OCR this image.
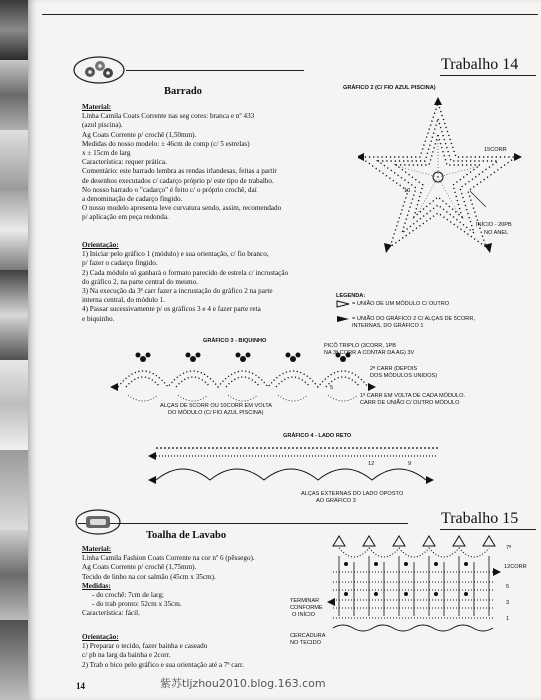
Trabalho 14
Barrado
Material:
Linha Camila Coats Corrente nas seg cores: branca e nº 433
(azul piscina).
Ag Coats Corrente p/ crochê (1,50mm).
Medidas do nosso modelo: ± 46cm de comp (c/ 5 estrelas)
x ± 15cm de larg
Característica: requer prática.
Comentário: este barrado lembra as rendas irlandesas, feitas a partir
de desenhos executados c/ cadarço próprio p/ este tipo de trabalho.
No nosso barrado o "cadarço" é feito c/ o próprio crochê, daí
a denominação de cadarço fingido.
O nosso modelo apresenta leve curvatura sendo, assim, recomendado
p/ aplicação em peça redonda.
Orientação:
1) Iniciar pelo gráfico 1 (módulo) e sua orientação, c/ fio branco,
p/ fazer o cadarço fingido.
2) Cada módulo só ganhará o formato parecido de estrela c/ incrustação
do gráfico 2, na parte central do mesmo.
3) Na execução da 3ª carr fazer a incrustação do gráfico 2 na parte
interna central, do módulo 1.
4) Passar sucessivamente p/ os gráficos 3 e 4 e fazer parte reta
e biquinho.
GRÁFICO 2 (C/ FIO AZUL PISCINA)
10
15CORR
INÍCIO - 20PB
NO ANEL
LEGENDA:
= UNIÃO DE UM MÓDULO C/ OUTRO
= UNIÃO DO GRÁFICO 2 C/ ALÇAS DE 5CORR,
INTERNAS, DO GRÁFICO 1
GRÁFICO 3 - BIQUINHO
PICÔ TRIPLO (3CORR, 1PB
NA 3ª CORR A CONTAR DA AG) 3V
2ª CARR (DEPOIS
DOS MÓDULOS UNIDOS)
1ª CARR EM VOLTA DE CADA MÓDULO.
CARR DE UNIÃO C/ OUTRO MÓDULO
5
ALÇAS DE 5CORR OU 10CORR EM VOLTA
DO MÓDULO (C/ FIO AZUL PISCINA)
GRÁFICO 4 - LADO RETO
12	9
ALÇAS EXTERNAS DO LADO OPOSTO
AO GRÁFICO 3
Trabalho 15
Toalha de Lavabo
Material:
Linha Camila Fashion Coats Corrente na cor nº 6 (pêssego).
Ag Coats Corrente p/ crochê (1,75mm).
Tecido de linho na cor salmão (45cm x 35cm).
Medidas:
- do crochê: 7cm de larg;
- do trab pronto: 52cm x 35cm.
Característica: fácil.
Orientação:
1) Preparar o tecido, fazer bainha e caseado
c/ pb na larg da bainha e 2corr.
2) Trab o bico pelo gráfico e sua orientação até a 7ª carr.
7ª
12CORR
5
3
1
TERMINAR
CONFORME
O INÍCIO
CERCADURA
NO TECIDO
14	紫苏tljzhou2010.blog.163.com
